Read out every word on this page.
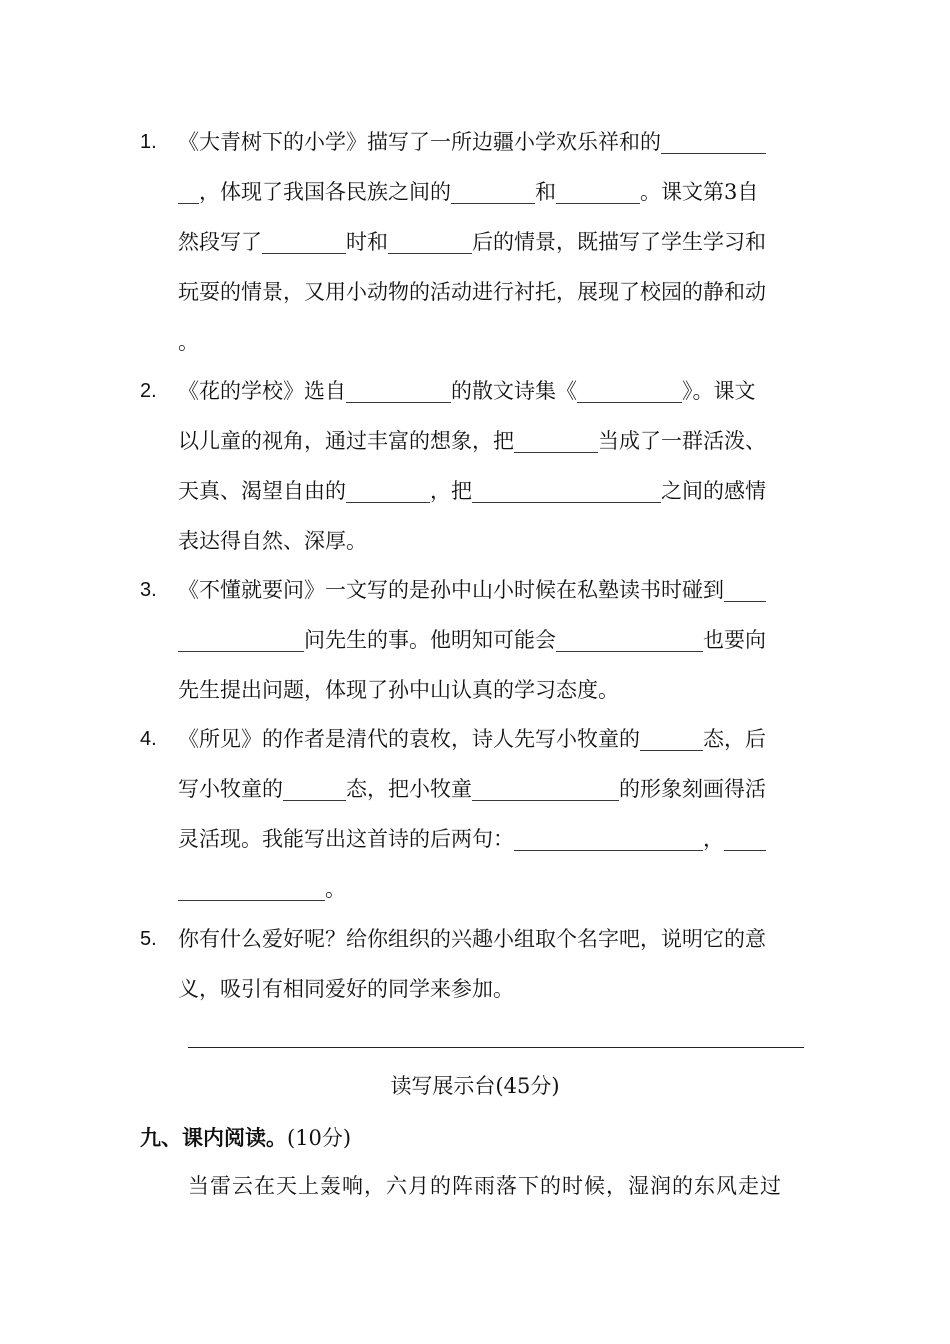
1.	《大青树下的小学》描写了一所边疆小学欢乐祥和的__________
__，体现了我国各民族之间的________和________。课文第3自
然段写了________时和________后的情景，既描写了学生学习和
玩耍的情景，又用小动物的活动进行衬托，展现了校园的静和动
。
2.	《花的学校》选自__________的散文诗集《__________》。课文
以儿童的视角，通过丰富的想象，把________当成了一群活泼、
天真、渴望自由的________，把__________________之间的感情
表达得自然、深厚。
3.	《不懂就要问》一文写的是孙中山小时候在私塾读书时碰到____
____________问先生的事。他明知可能会______________也要向
先生提出问题，体现了孙中山认真的学习态度。
4.	《所见》的作者是清代的袁枚，诗人先写小牧童的______态，后
写小牧童的______态，把小牧童______________的形象刻画得活
灵活现。我能写出这首诗的后两句：__________________，____
______________。
5.	你有什么爱好呢？给你组织的兴趣小组取个名字吧，说明它的意
义，吸引有相同爱好的同学来参加。
读写展示台(45分)
九、课内阅读。(10分)
当雷云在天上轰响，六月的阵雨落下的时候，湿润的东风走过
